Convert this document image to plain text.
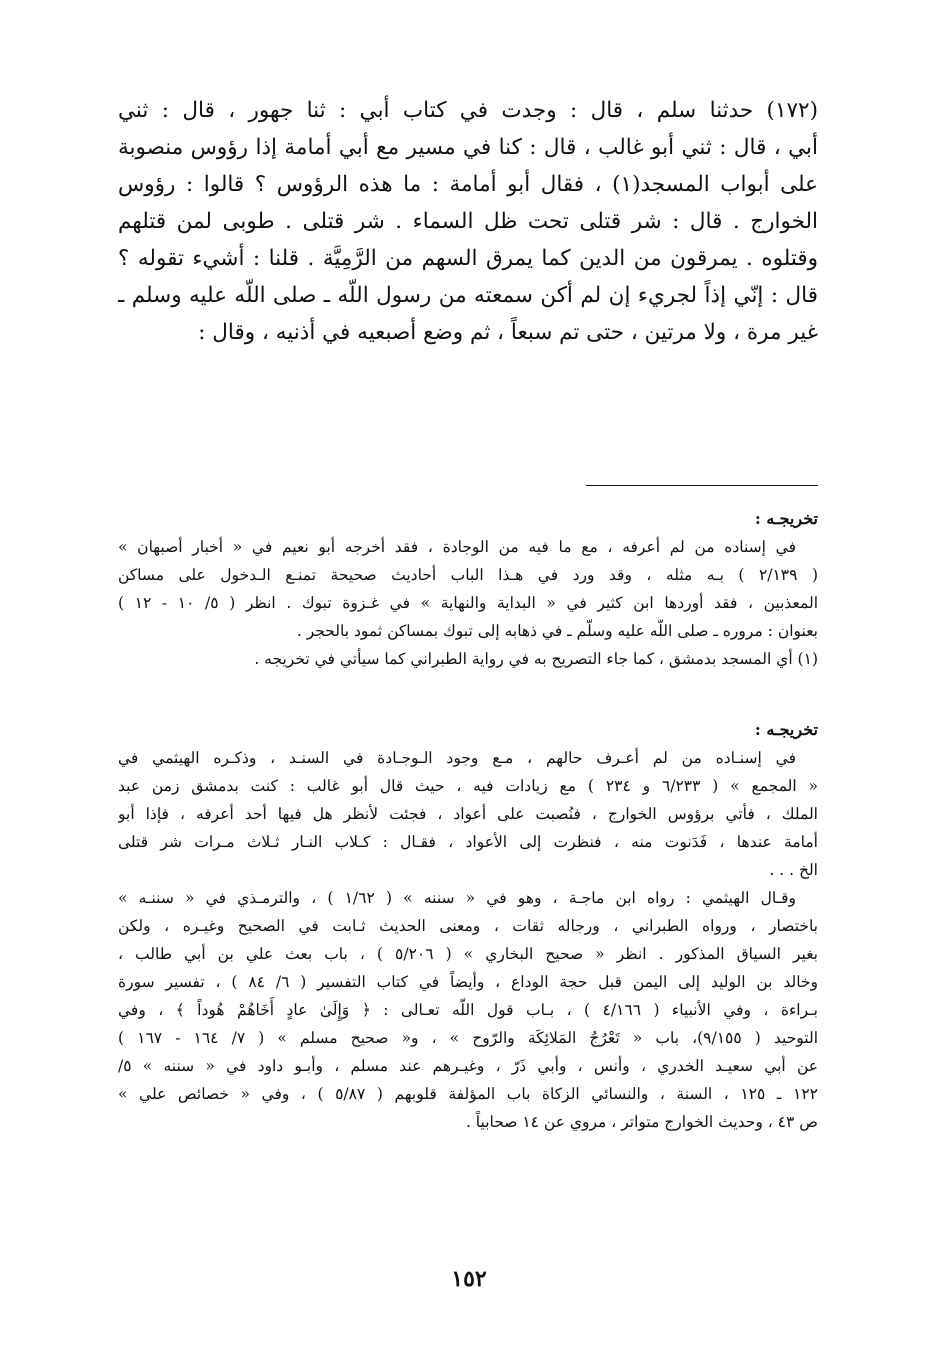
(١٧٢) حدثنا سلم ، قال : وجدت في كتاب أبي : ثنا جهور ، قال : ثني
أبي ، قال : ثني أبو غالب ، قال : كنا في مسير مع أبي أمامة إذا رؤوس منصوبة
على أبواب المسجد(١) ، فقال أبو أمامة : ما هذه الرؤوس ؟ قالوا : رؤوس
الخوارج . قال : شر قتلى تحت ظل السماء . شر قتلى . طوبى لمن قتلهم
وقتلوه . يمرقون من الدين كما يمرق السهم من الرَّمِيَّة . قلنا : أشيء تقوله ؟
قال : إنّي إذاً لجريء إن لم أكن سمعته من رسول اللّه ـ صلى اللّه عليه وسلم ـ
غير مرة ، ولا مرتين ، حتى تم سبعاً ، ثم وضع أصبعيه في أذنيه ، وقال :
تخريجـه :
في إسناده من لم أعرفه ، مع ما فيه من الوجادة ، فقد أخرجه أبو نعيم في « أخبار أصبهان »
( ٢/١٣٩ ) بـه مثله ، وقد ورد في هـذا الباب أحاديث صحيحة تمنـع الـدخول على مساكن
المعذبين ، فقد أوردها ابن كثير في « البداية والنهاية » في غـزوة تبوك . انظر ( ٥/ ١٠ - ١٢ )
بعنوان : مروره ـ صلى اللّه عليه وسلّم ـ في ذهابه إلى تبوك بمساكن ثمود بالحجر .
(١) أي المسجد بدمشق ، كما جاء التصريح به في رواية الطبراني كما سيأتي في تخريجه .
تخريجـه :
في إسنـاده من لم أعـرف حالهم ، مـع وجود الـوجـادة في السنـد ، وذكـره الهيثمي في
« المجمع » ( ٦/٢٣٣ و ٢٣٤ ) مع زيادات فيه ، حيث قال أبو غالب : كنت بدمشق زمن عبد
الملك ، فأتي برؤوس الخوارج ، فنُصبت على أعواد ، فجئت لأنظر هل فيها أحد أعرفه ، فإذا أبو
أمامة عندها ، فَدَنوت منه ، فنظرت إلى الأعواد ، فقـال : كـلاب النـار ثـلاث مـرات شر قتلى
الخ . . .
وقـال الهيثمي : رواه ابن ماجـة ، وهو في « سننه » ( ١/٦٢ ) ، والترمـذي في « سننـه »
باختصار ، ورواه الطبراني ، ورجاله ثقات ، ومعنى الحديث ثـابت في الصحيح وغيـره ، ولكن
بغير السياق المذكور . انظر « صحيح البخاري » ( ٥/٢٠٦ ) ، باب بعث علي بن أبي طالب ،
وخالد بن الوليد إلى اليمن قبل حجة الوداع ، وأيضاً في كتاب التفسير ( ٦/ ٨٤ ) ، تفسير سورة
بـراءة ، وفي الأنبياء ( ٤/١٦٦ ) ، بـاب قول اللّه تعـالى : ﴿ وَإِلَىٰ عادٍ أَخَاهُمْ هُوداً ﴾ ، وفي
التوحيد ( ٩/١٥٥)، باب « تَعْرُجُ المَلائِكَة والرّوح » ، و« صحيح مسلم » ( ٧/ ١٦٤ - ١٦٧ )
عن أبي سعيـد الخدري ، وأنس ، وأبي ذَرّ ، وغيـرهم عند مسلم ، وأبـو داود في « سننه » ٥/
١٢٢ ـ ١٢٥ ، السنة ، والنسائي الزكاة باب المؤلفة قلوبهم ( ٥/٨٧ ) ، وفي « خصائص علي »
ص ٤٣ ، وحديث الخوارج متواتر ، مروي عن ١٤ صحابياً .
١٥٢
